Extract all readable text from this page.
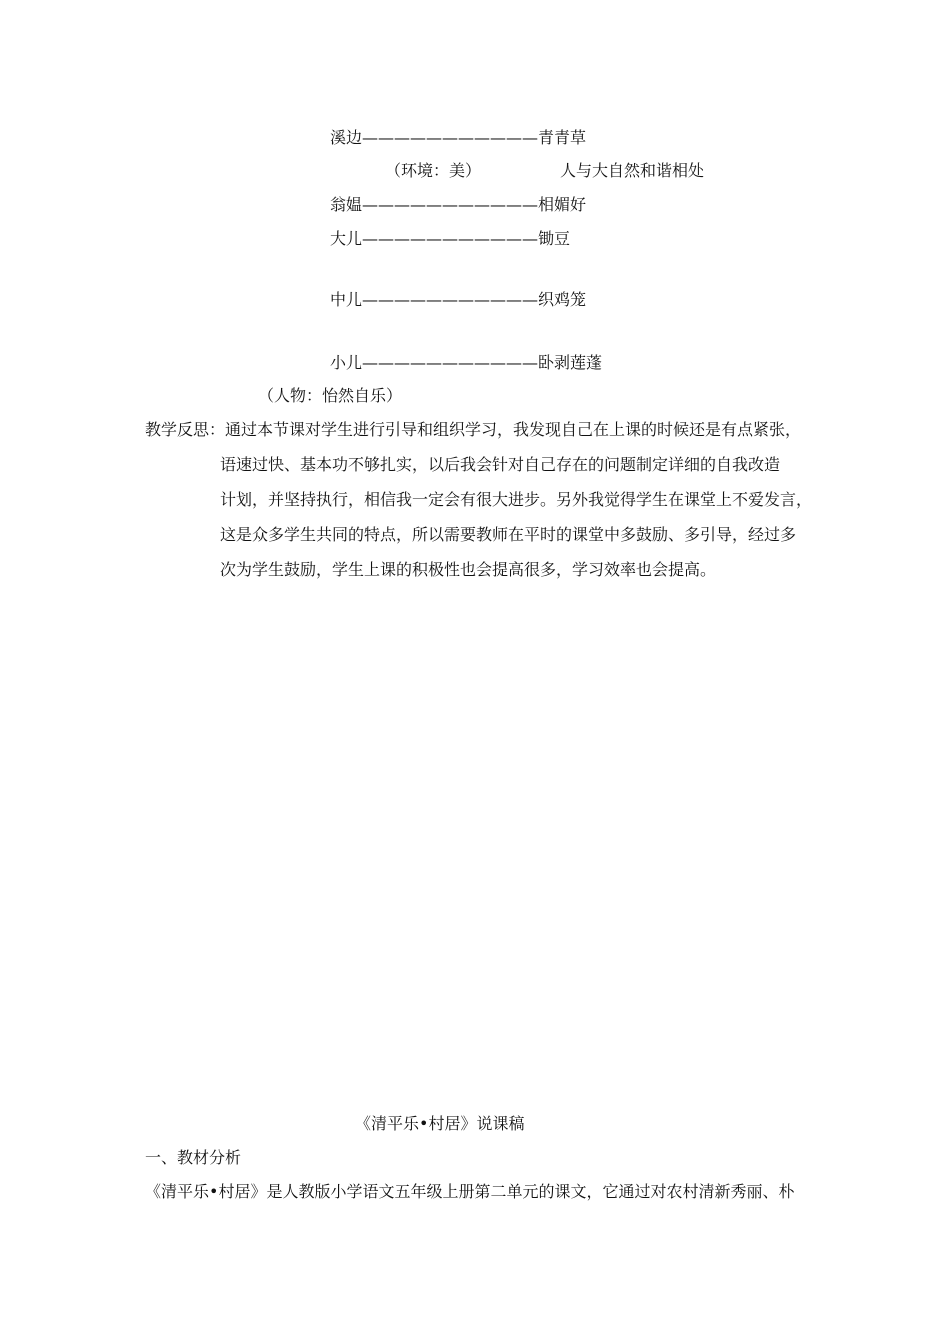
溪边———————————青青草
（环境：美）	人与大自然和谐相处
翁媪———————————相媚好
大儿———————————锄豆
中儿———————————织鸡笼
小儿———————————卧剥莲蓬
（人物：怡然自乐）
教学反思：通过本节课对学生进行引导和组织学习，我发现自己在上课的时候还是有点紧张，
语速过快、基本功不够扎实，以后我会针对自己存在的问题制定详细的自我改造
计划，并坚持执行，相信我一定会有很大进步。另外我觉得学生在课堂上不爱发言，
这是众多学生共同的特点，所以需要教师在平时的课堂中多鼓励、多引导，经过多
次为学生鼓励，学生上课的积极性也会提高很多，学习效率也会提高。
《清平乐•村居》说课稿
一、教材分析
《清平乐•村居》是人教版小学语文五年级上册第二单元的课文，它通过对农村清新秀丽、朴
